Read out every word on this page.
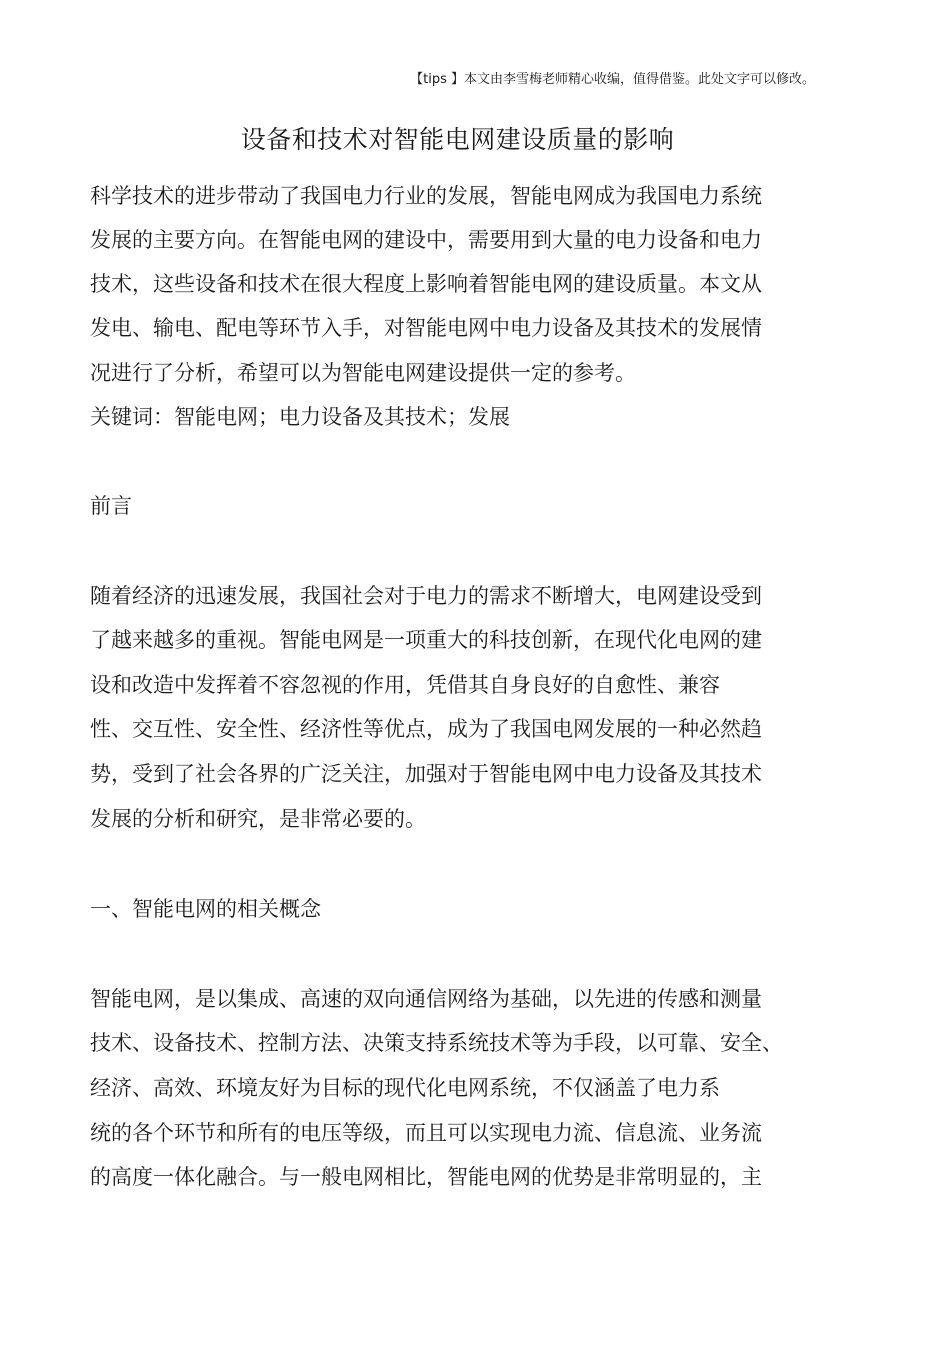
【tips 】本文由李雪梅老师精心收编，值得借鉴。此处文字可以修改。
设备和技术对智能电网建设质量的影响

科学技术的进步带动了我国电力行业的发展，智能电网成为我国电力系统

发展的主要方向。在智能电网的建设中，需要用到大量的电力设备和电力

技术，这些设备和技术在很大程度上影响着智能电网的建设质量。本文从

发电、输电、配电等环节入手，对智能电网中电力设备及其技术的发展情

况进行了分析，希望可以为智能电网建设提供一定的参考。

关键词：智能电网；电力设备及其技术；发展

前言

随着经济的迅速发展，我国社会对于电力的需求不断增大，电网建设受到

了越来越多的重视。智能电网是一项重大的科技创新，在现代化电网的建

设和改造中发挥着不容忽视的作用，凭借其自身良好的自愈性、兼容

性、交互性、安全性、经济性等优点，成为了我国电网发展的一种必然趋

势，受到了社会各界的广泛关注，加强对于智能电网中电力设备及其技术

发展的分析和研究，是非常必要的。

一、智能电网的相关概念

智能电网，是以集成、高速的双向通信网络为基础，以先进的传感和测量

技术、设备技术、控制方法、决策支持系统技术等为手段，以可靠、安全、

经济、高效、环境友好为目标的现代化电网系统，不仅涵盖了电力系

统的各个环节和所有的电压等级，而且可以实现电力流、信息流、业务流

的高度一体化融合。与一般电网相比，智能电网的优势是非常明显的，主
